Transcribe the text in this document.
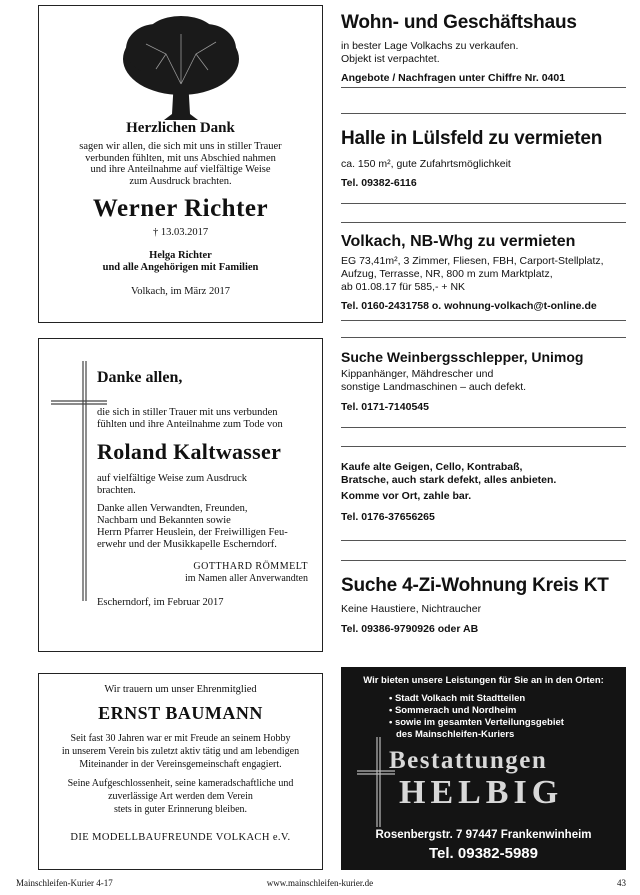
Herzlichen Dank
sagen wir allen, die sich mit uns in stiller Trauer
verbunden fühlten, mit uns Abschied nahmen
und ihre Anteilnahme auf vielfältige Weise
zum Ausdruck brachten.
Werner Richter
† 13.03.2017
Helga Richter
und alle Angehörigen mit Familien
Volkach, im März 2017
Danke allen,
die sich in stiller Trauer mit uns verbunden
fühlten und ihre Anteilnahme zum Tode von
Roland Kaltwasser
auf vielfältige Weise zum Ausdruck
brachten.
Danke allen Verwandten, Freunden,
Nachbarn und Bekannten sowie
Herrn Pfarrer Heuslein, der Freiwilligen Feu-
erwehr und der Musikkapelle Escherndorf.
GOTTHARD RÖMMELT
im Namen aller Anverwandten
Escherndorf, im Februar 2017
Wir trauern um unser Ehrenmitglied
ERNST BAUMANN
Seit fast 30 Jahren war er mit Freude an seinem Hobby
in unserem Verein bis zuletzt aktiv tätig und am lebendigen
Miteinander in der Vereinsgemeinschaft engagiert.
Seine Aufgeschlossenheit, seine kameradschaftliche und
zuverlässige Art werden dem Verein
stets in guter Erinnerung bleiben.
DIE MODELLBAUFREUNDE VOLKACH e.V.
Wohn- und Geschäftshaus
in bester Lage Volkachs zu verkaufen.
Objekt ist verpachtet.
Angebote / Nachfragen unter Chiffre Nr. 0401
Halle in Lülsfeld zu vermieten
ca. 150 m², gute Zufahrtsmöglichkeit
Tel. 09382-6116
Volkach, NB-Whg zu vermieten
EG 73,41m², 3 Zimmer, Fliesen, FBH, Carport-Stellplatz,
Aufzug, Terrasse, NR, 800 m zum Marktplatz,
ab 01.08.17 für 585,- + NK
Tel. 0160-2431758 o. wohnung-volkach@t-online.de
Suche Weinbergsschlepper, Unimog
Kippanhänger, Mähdrescher und
sonstige Landmaschinen – auch defekt.
Tel. 0171-7140545
Kaufe alte Geigen, Cello, Kontrabaß,
Bratsche, auch stark defekt, alles anbieten.
Komme vor Ort, zahle bar.
Tel. 0176-37656265
Suche 4-Zi-Wohnung Kreis KT
Keine Haustiere, Nichtraucher
Tel. 09386-9790926 oder AB
Wir bieten unsere Leistungen für Sie an in den Orten:
• Stadt Volkach mit Stadtteilen
• Sommerach und Nordheim
• sowie im gesamten Verteilungsgebiet
des Mainschleifen-Kuriers
Bestattungen
HELBIG
Rosenbergstr. 7 97447 Frankenwinheim
Tel. 09382-5989
Mainschleifen-Kurier 4-17	www.mainschleifen-kurier.de	43
